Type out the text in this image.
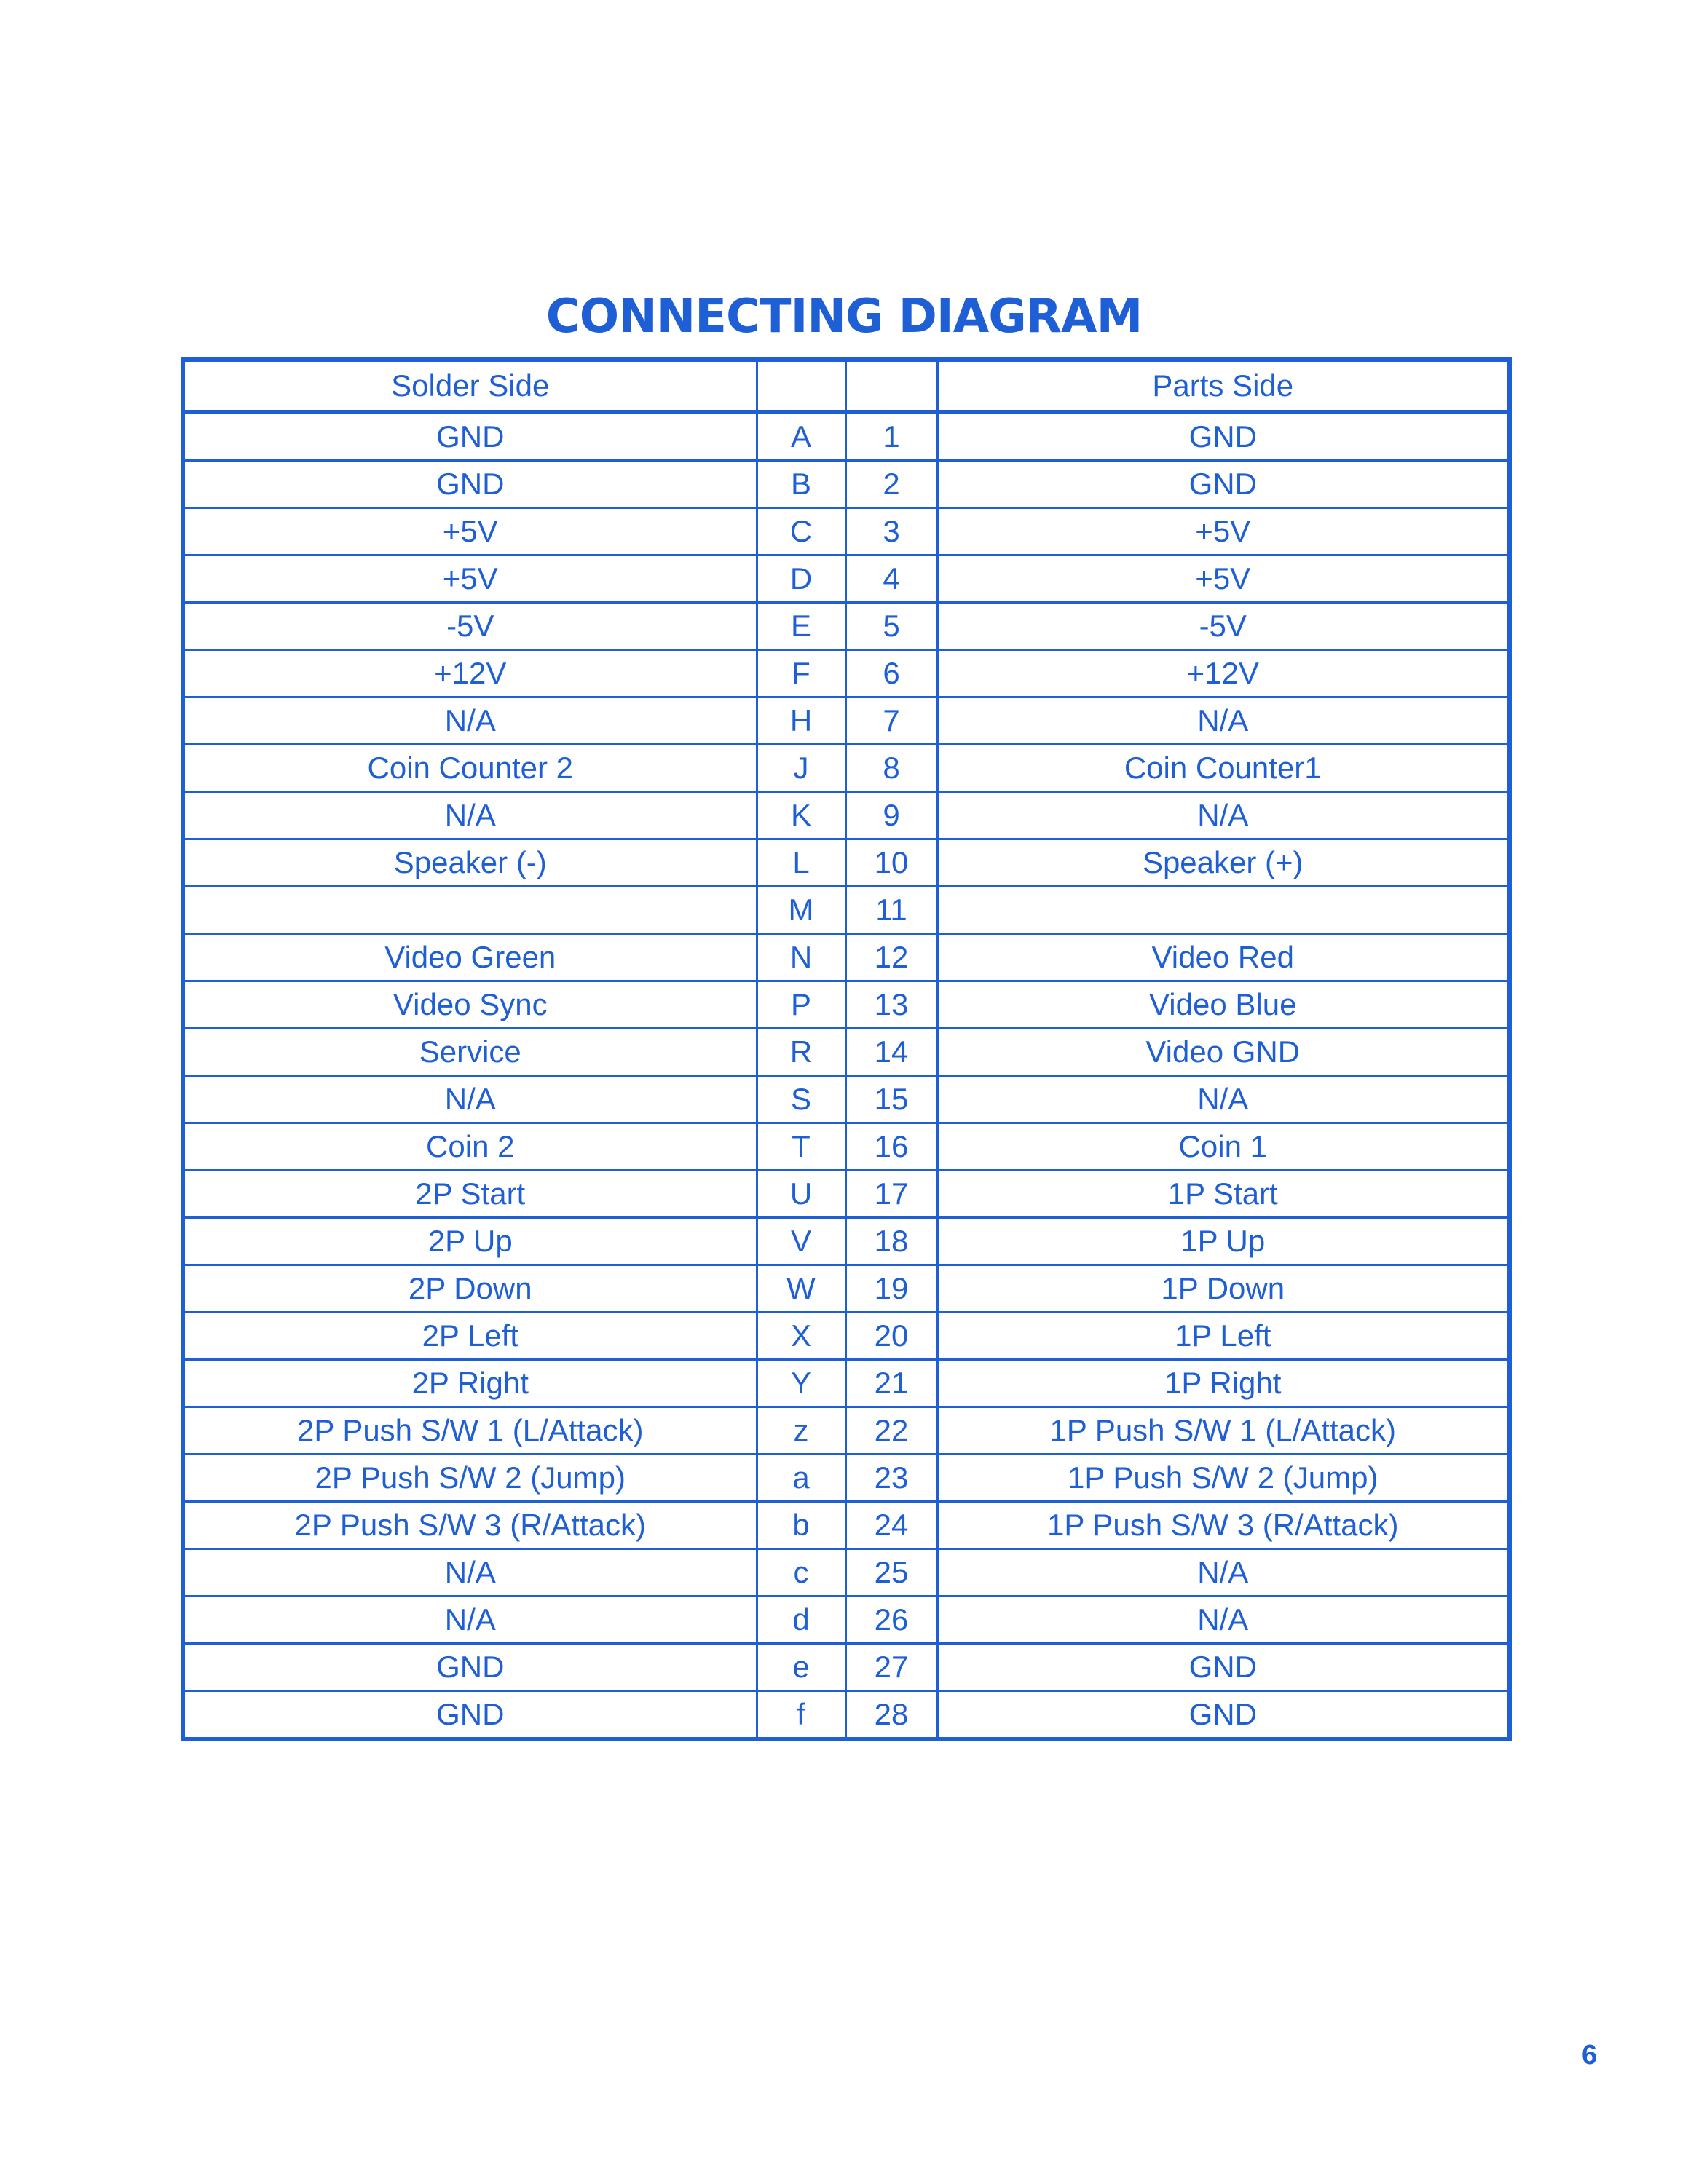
CONNECTING DIAGRAM
Solder Side			Parts Side
GND	A	1	GND
GND	B	2	GND
+5V	C	3	+5V
+5V	D	4	+5V
-5V	E	5	-5V
+12V	F	6	+12V
N/A	H	7	N/A
Coin Counter 2	J	8	Coin Counter1
N/A	K	9	N/A
Speaker (-)	L	10	Speaker (+)
	M	11	
Video Green	N	12	Video Red
Video Sync	P	13	Video Blue
Service	R	14	Video GND
N/A	S	15	N/A
Coin 2	T	16	Coin 1
2P Start	U	17	1P Start
2P Up	V	18	1P Up
2P Down	W	19	1P Down
2P Left	X	20	1P Left
2P Right	Y	21	1P Right
2P Push S/W 1 (L/Attack)	z	22	1P Push S/W 1 (L/Attack)
2P Push S/W 2 (Jump)	a	23	1P Push S/W 2 (Jump)
2P Push S/W 3 (R/Attack)	b	24	1P Push S/W 3 (R/Attack)
N/A	c	25	N/A
N/A	d	26	N/A
GND	e	27	GND
GND	f	28	GND
6
